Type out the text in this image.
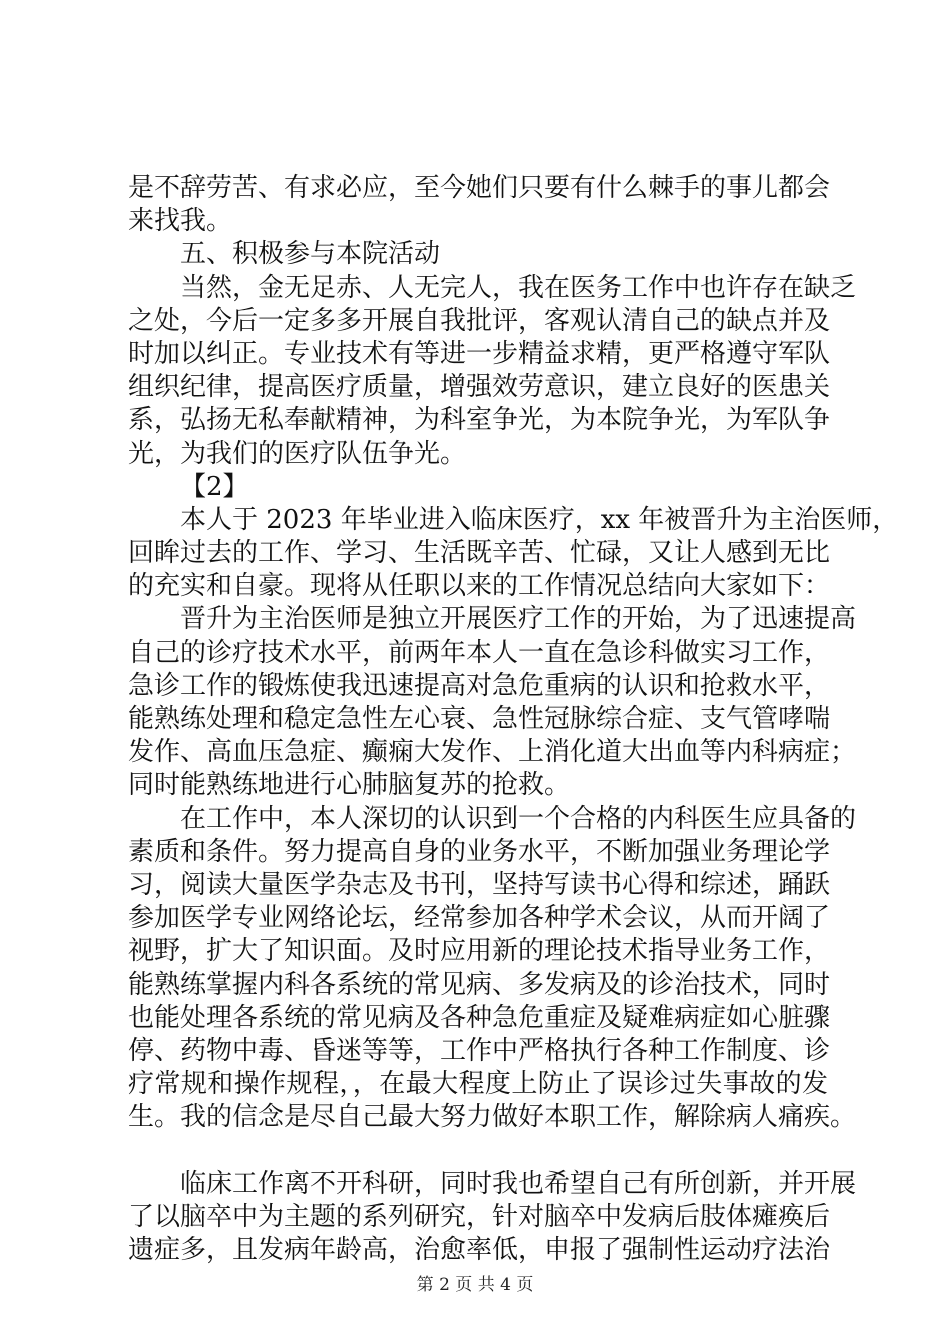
是不辞劳苦、有求必应，至今她们只要有什么棘手的事儿都会
来找我。
五、积极参与本院活动
当然，金无足赤、人无完人，我在医务工作中也许存在缺乏
之处，今后一定多多开展自我批评，客观认清自己的缺点并及
时加以纠正。专业技术有等进一步精益求精，更严格遵守军队
组织纪律，提高医疗质量，增强效劳意识，建立良好的医患关
系，弘扬无私奉献精神，为科室争光，为本院争光，为军队争
光，为我们的医疗队伍争光。
【2】
本人于 2023 年毕业进入临床医疗，xx 年被晋升为主治医师，
回眸过去的工作、学习、生活既辛苦、忙碌，又让人感到无比
的充实和自豪。现将从任职以来的工作情况总结向大家如下：
晋升为主治医师是独立开展医疗工作的开始，为了迅速提高
自己的诊疗技术水平，前两年本人一直在急诊科做实习工作，
急诊工作的锻炼使我迅速提高对急危重病的认识和抢救水平，
能熟练处理和稳定急性左心衰、急性冠脉综合症、支气管哮喘
发作、高血压急症、癫痫大发作、上消化道大出血等内科病症；
同时能熟练地进行心肺脑复苏的抢救。
在工作中，本人深切的认识到一个合格的内科医生应具备的
素质和条件。努力提高自身的业务水平，不断加强业务理论学
习，阅读大量医学杂志及书刊，坚持写读书心得和综述，踊跃
参加医学专业网络论坛，经常参加各种学术会议，从而开阔了
视野，扩大了知识面。及时应用新的理论技术指导业务工作，
能熟练掌握内科各系统的常见病、多发病及的诊治技术，同时
也能处理各系统的常见病及各种急危重症及疑难病症如心脏骤
停、药物中毒、昏迷等等，工作中严格执行各种工作制度、诊
疗常规和操作规程，，在最大程度上防止了误诊过失事故的发
生。我的信念是尽自己最大努力做好本职工作，解除病人痛疾。
临床工作离不开科研，同时我也希望自己有所创新，并开展
了以脑卒中为主题的系列研究，针对脑卒中发病后肢体瘫痪后
遗症多，且发病年龄高，治愈率低，申报了强制性运动疗法治
第 2 页 共 4 页
